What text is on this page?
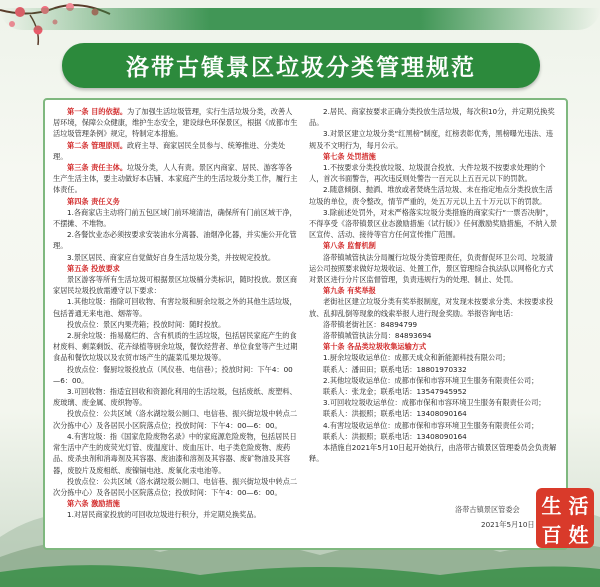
洛带古镇景区垃圾分类管理规范

第一条 目的依据。为了加强生活垃圾管理，实行生活垃圾分类，改善人居环境，保障公众健康，维护生态安全，建设绿色环保景区，根据《成都市生活垃圾管理条例》规定，特制定本措施。

第二条 管理原则。政府主导、商家居民全员参与、统筹推进、分类处理。

第三条 责任主体。垃圾分类，人人有责。景区内商家、居民、游客等各生产生活主体，要主动做好本店铺、本家庭产生的生活垃圾分类工作，履行主体责任。

第四条 责任义务

1.各商家店主动将门前五包区域门前环境清洁，确保所有门前区域干净，不摆摊、不堆物。

2.各餐饮业态必须按要求安装油水分离器、油烟净化器，并实施公开化管理。

3.景区居民、商家应自觉做好自身生活垃圾分类，并按规定投放。

第五条 投放要求

景区游客等所有生活垃圾可根据景区垃圾桶分类标识，随时投放。景区商家居民垃圾投放需遵守以下要求：

1.其他垃圾：指除可回收物、有害垃圾和厨余垃圾之外的其他生活垃圾，包括普通无来电池、烟蒂等。

投放点位：景区内果壳箱；投放时间：随时投放。

2.厨余垃圾：指易腐烂的、含有机质的生活垃圾，包括居民家庭产生的食材废料、剩菜剩饭、花卉绿植等厨余垃圾，餐饮经营者、单位食堂等产生过期食品和餐饮垃圾以及农贸市场产生的蔬菜瓜果垃圾等。

投放点位：餐厨垃圾投放点（风仪巷、电信巷）；投放时间：下午4：00—6：00。

3.可回收物：指适宜回收和资源化利用的生活垃圾，包括废纸、废塑料、废玻璃、废金属、废织物等。

投放点位：公共区域（洛水湖垃圾公厕口、电信巷、振兴街垃圾中转点二次分拣中心）及各居民小区院落点位；投放时间：下午4：00—6：00。

4.有害垃圾：指《国家危险废物名录》中的家庭源危险废物，包括居民日常生活中产生的废荧光灯管、废温度计、废血压计、电子类危险废物、废药品、废杀虫剂和消毒剂及其容器、废油漆和溶剂及其容器、废矿物油及其容器，废胶片及废相纸、废镍镉电池、废氧化汞电池等。

投放点位：公共区域（洛水湖垃圾公厕口、电信巷、振兴街垃圾中转点二次分拣中心）及各居民小区院落点位；投放时间：下午4：00—6：00。

第六条 激励措施

1.对居民商家投放的可回收垃圾进行积分，并定期兑换奖品。

2.居民、商家按要求正确分类投放生活垃圾，每次积10分，并定期兑换奖品。

3.对景区建立垃圾分类“红黑榜”制度，红榜表彰优秀，黑榜曝光违法、违规及不文明行为，每月公示。

第七条 处罚措施

1.不按要求分类投放垃圾、垃圾混合投放、大件垃圾不按要求处理的个人，首次书面警告，再次违反则处警告一百元以上五百元以下的罚款。

2.随意倾倒、抛洒、堆放或者焚烧生活垃圾、未在指定地点分类投放生活垃圾的单位，责令整改，情节严重的，处五万元以上五十万元以下的罚款。

3.除前述处罚外，对未严格落实垃圾分类措施的商家实行“一票否决制”，不得享受《洛带镇景区业态激励措施（试行版）》任何激励奖励措施，不纳入景区宣传、活动、接待等官方任何宣传推广范围。

第八条 监督机制

洛带镇城管执法分局履行垃圾分类管理责任，负责督促环卫公司、垃圾清运公司按照要求做好垃圾收运、处置工作，景区管理综合执法队以网格化方式对景区进行分片区监督管理，负责违规行为的处理、制止、处罚。

第九条 有奖举报

老街社区建立垃圾分类有奖举报制度，对发现未按要求分类、未按要求投放、乱抑乱倒等现象的线索举报人进行现金奖励。举报咨询电话：

洛带镇老街社区：84894799

洛带镇城管执法分局：84893694

第十条 各品类垃圾收集运输方式

1.厨余垃圾收运单位：成都天成众和新能源科技有限公司；

联系人：潘田田；联系电话：18801970332

2.其他垃圾收运单位：成都市保和市容环境卫生服务有限责任公司；

联系人：张龙金；联系电话：13547945952

3.可回收垃圾收运单位：成都市保和市容环境卫生服务有限责任公司；

联系人：洪振照；联系电话：13408090164

4.有害垃圾收运单位：成都市保和市容环境卫生服务有限责任公司；

联系人：洪振照；联系电话：13408090164

本措施自2021年5月10日起开始执行，由洛带古镇景区管理委员会负责解释。

洛带古镇景区管委会
2021年5月10日
生 活
百 姓
